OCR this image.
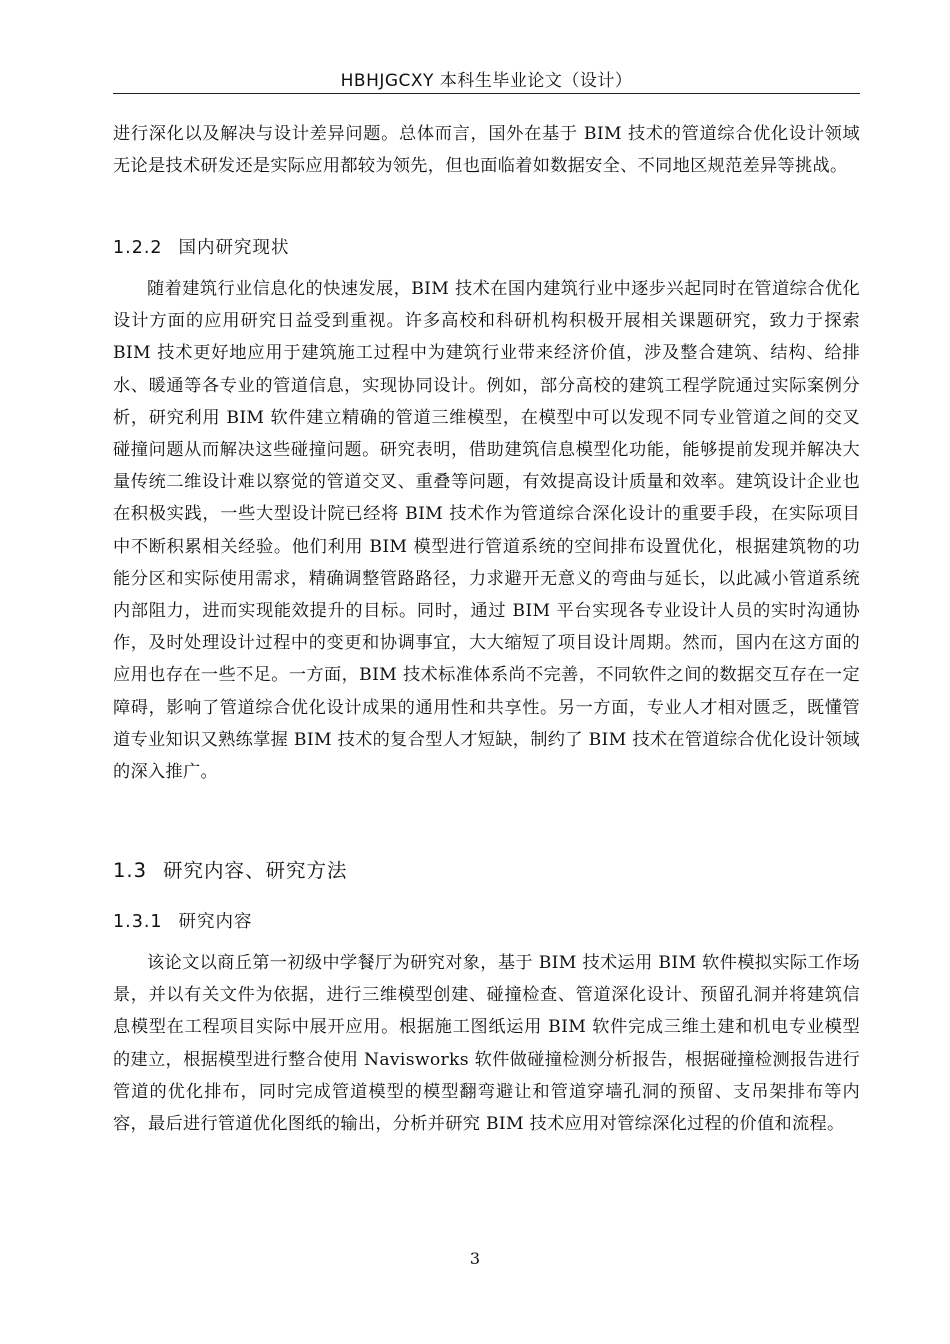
HBHJGCXY 本科生毕业论文（设计）

进行深化以及解决与设计差异问题。总体而言，国外在基于 BIM 技术的管道综合优化设计领域无论是技术研发还是实际应用都较为领先，但也面临着如数据安全、不同地区规范差异等挑战。

1.2.2 国内研究现状

随着建筑行业信息化的快速发展，BIM 技术在国内建筑行业中逐步兴起同时在管道综合优化设计方面的应用研究日益受到重视。许多高校和科研机构积极开展相关课题研究，致力于探索 BIM 技术更好地应用于建筑施工过程中为建筑行业带来经济价值，涉及整合建筑、结构、给排水、暖通等各专业的管道信息，实现协同设计。例如，部分高校的建筑工程学院通过实际案例分析，研究利用 BIM 软件建立精确的管道三维模型，在模型中可以发现不同专业管道之间的交叉碰撞问题从而解决这些碰撞问题。研究表明，借助建筑信息模型化功能，能够提前发现并解决大量传统二维设计难以察觉的管道交叉、重叠等问题，有效提高设计质量和效率。建筑设计企业也在积极实践，一些大型设计院已经将 BIM 技术作为管道综合深化设计的重要手段，在实际项目中不断积累相关经验。他们利用 BIM 模型进行管道系统的空间排布设置优化，根据建筑物的功能分区和实际使用需求，精确调整管路路径，力求避开无意义的弯曲与延长，以此减小管道系统内部阻力，进而实现能效提升的目标。同时，通过 BIM 平台实现各专业设计人员的实时沟通协作，及时处理设计过程中的变更和协调事宜，大大缩短了项目设计周期。然而，国内在这方面的应用也存在一些不足。一方面，BIM 技术标准体系尚不完善，不同软件之间的数据交互存在一定障碍，影响了管道综合优化设计成果的通用性和共享性。另一方面，专业人才相对匮乏，既懂管道专业知识又熟练掌握 BIM 技术的复合型人才短缺，制约了 BIM 技术在管道综合优化设计领域的深入推广。

1.3 研究内容、研究方法
1.3.1 研究内容

该论文以商丘第一初级中学餐厅为研究对象，基于 BIM 技术运用 BIM 软件模拟实际工作场景，并以有关文件为依据，进行三维模型创建、碰撞检查、管道深化设计、预留孔洞并将建筑信息模型在工程项目实际中展开应用。根据施工图纸运用 BIM 软件完成三维土建和机电专业模型的建立，根据模型进行整合使用 Navisworks 软件做碰撞检测分析报告，根据碰撞检测报告进行管道的优化排布，同时完成管道模型的模型翻弯避让和管道穿墙孔洞的预留、支吊架排布等内容，最后进行管道优化图纸的输出，分析并研究 BIM 技术应用对管综深化过程的价值和流程。

3
